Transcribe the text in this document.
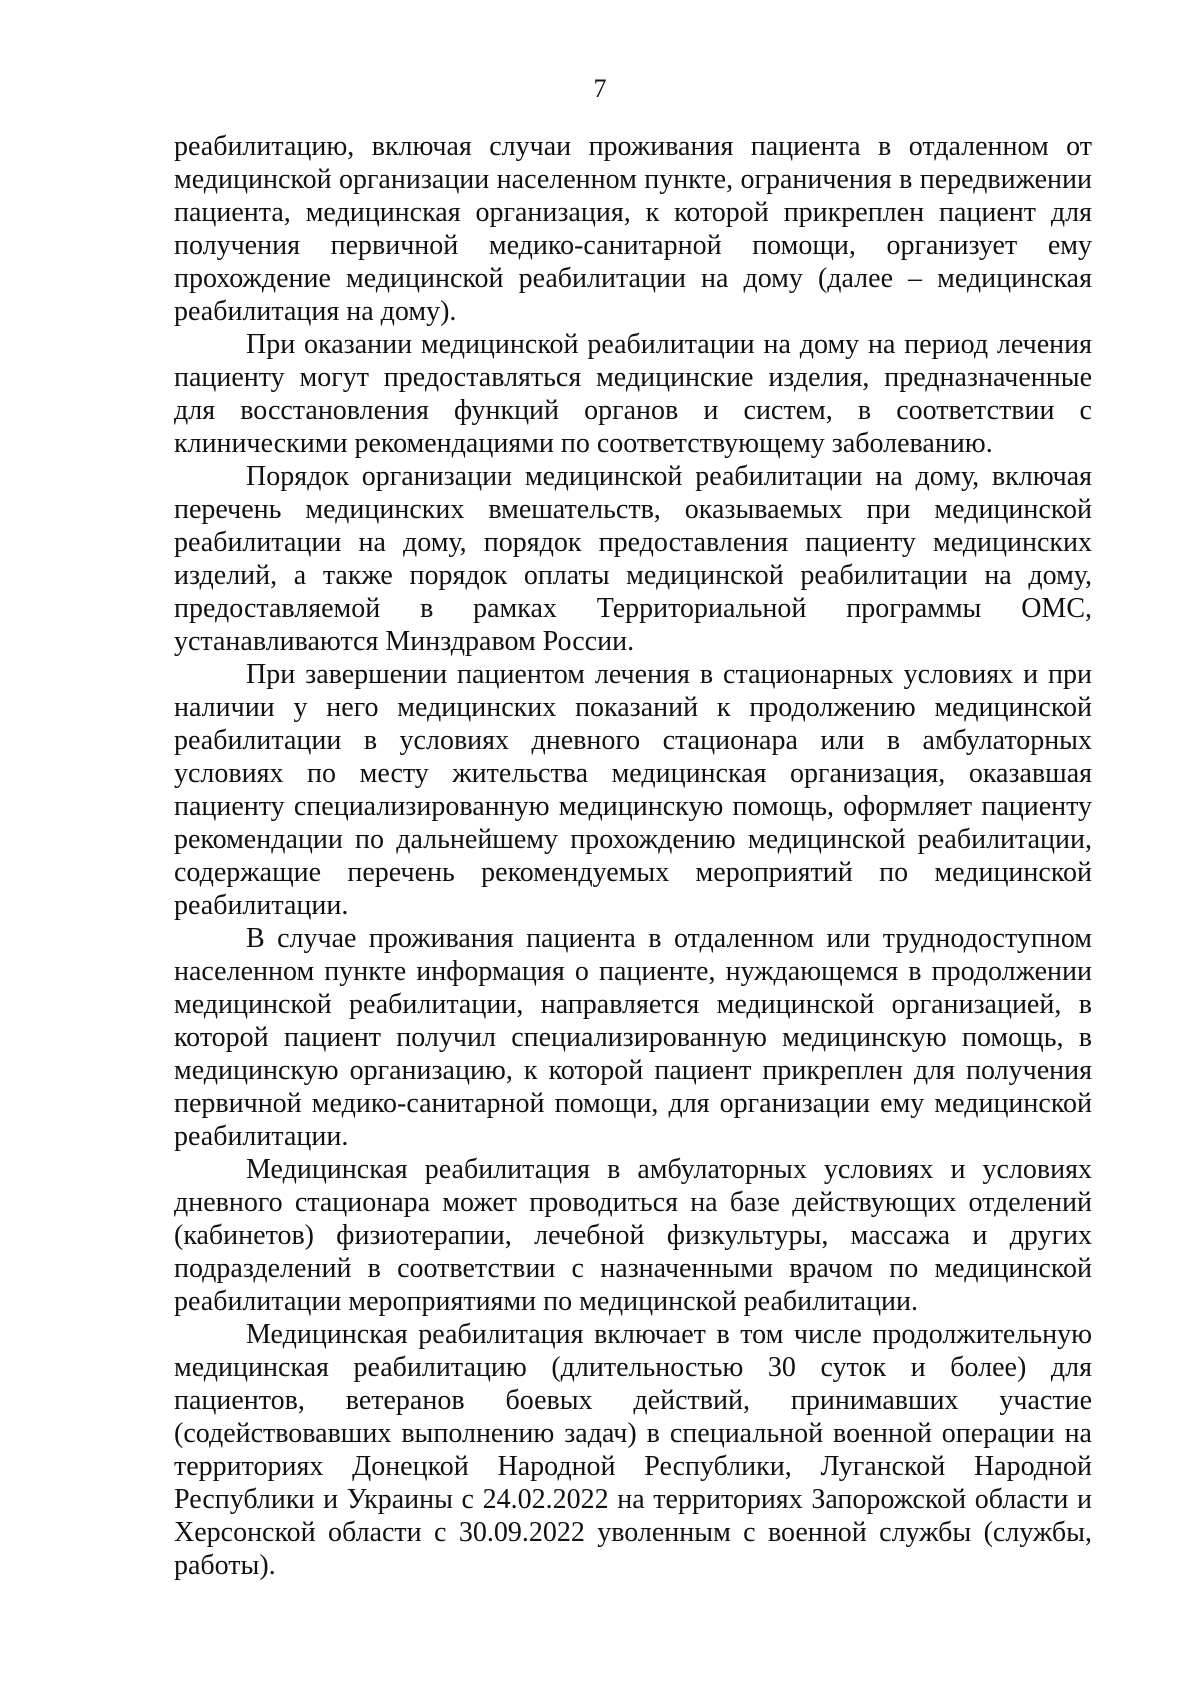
7

реабилитацию, включая случаи проживания пациента в отдаленном от медицинской организации населенном пункте, ограничения в передвижении пациента, медицинская организация, к которой прикреплен пациент для получения первичной медико-санитарной помощи, организует ему прохождение медицинской реабилитации на дому (далее – медицинская реабилитация на дому).

При оказании медицинской реабилитации на дому на период лечения пациенту могут предоставляться медицинские изделия, предназначенные для восстановления функций органов и систем, в соответствии с клиническими рекомендациями по соответствующему заболеванию.

Порядок организации медицинской реабилитации на дому, включая перечень медицинских вмешательств, оказываемых при медицинской реабилитации на дому, порядок предоставления пациенту медицинских изделий, а также порядок оплаты медицинской реабилитации на дому, предоставляемой в рамках Территориальной программы ОМС, устанавливаются Минздравом России.

При завершении пациентом лечения в стационарных условиях и при наличии у него медицинских показаний к продолжению медицинской реабилитации в условиях дневного стационара или в амбулаторных условиях по месту жительства медицинская организация, оказавшая пациенту специализированную медицинскую помощь, оформляет пациенту рекомендации по дальнейшему прохождению медицинской реабилитации, содержащие перечень рекомендуемых мероприятий по медицинской реабилитации.

В случае проживания пациента в отдаленном или труднодоступном населенном пункте информация о пациенте, нуждающемся в продолжении медицинской реабилитации, направляется медицинской организацией, в которой пациент получил специализированную медицинскую помощь, в медицинскую организацию, к которой пациент прикреплен для получения первичной медико-санитарной помощи, для организации ему медицинской реабилитации.

Медицинская реабилитация в амбулаторных условиях и условиях дневного стационара может проводиться на базе действующих отделений (кабинетов) физиотерапии, лечебной физкультуры, массажа и других подразделений в соответствии с назначенными врачом по медицинской реабилитации мероприятиями по медицинской реабилитации.

Медицинская реабилитация включает в том числе продолжительную медицинская реабилитацию (длительностью 30 суток и более) для пациентов, ветеранов боевых действий, принимавших участие (содействовавших выполнению задач) в специальной военной операции на территориях Донецкой Народной Республики, Луганской Народной Республики и Украины с 24.02.2022 на территориях Запорожской области и Херсонской области с 30.09.2022 уволенным с военной службы (службы, работы).
